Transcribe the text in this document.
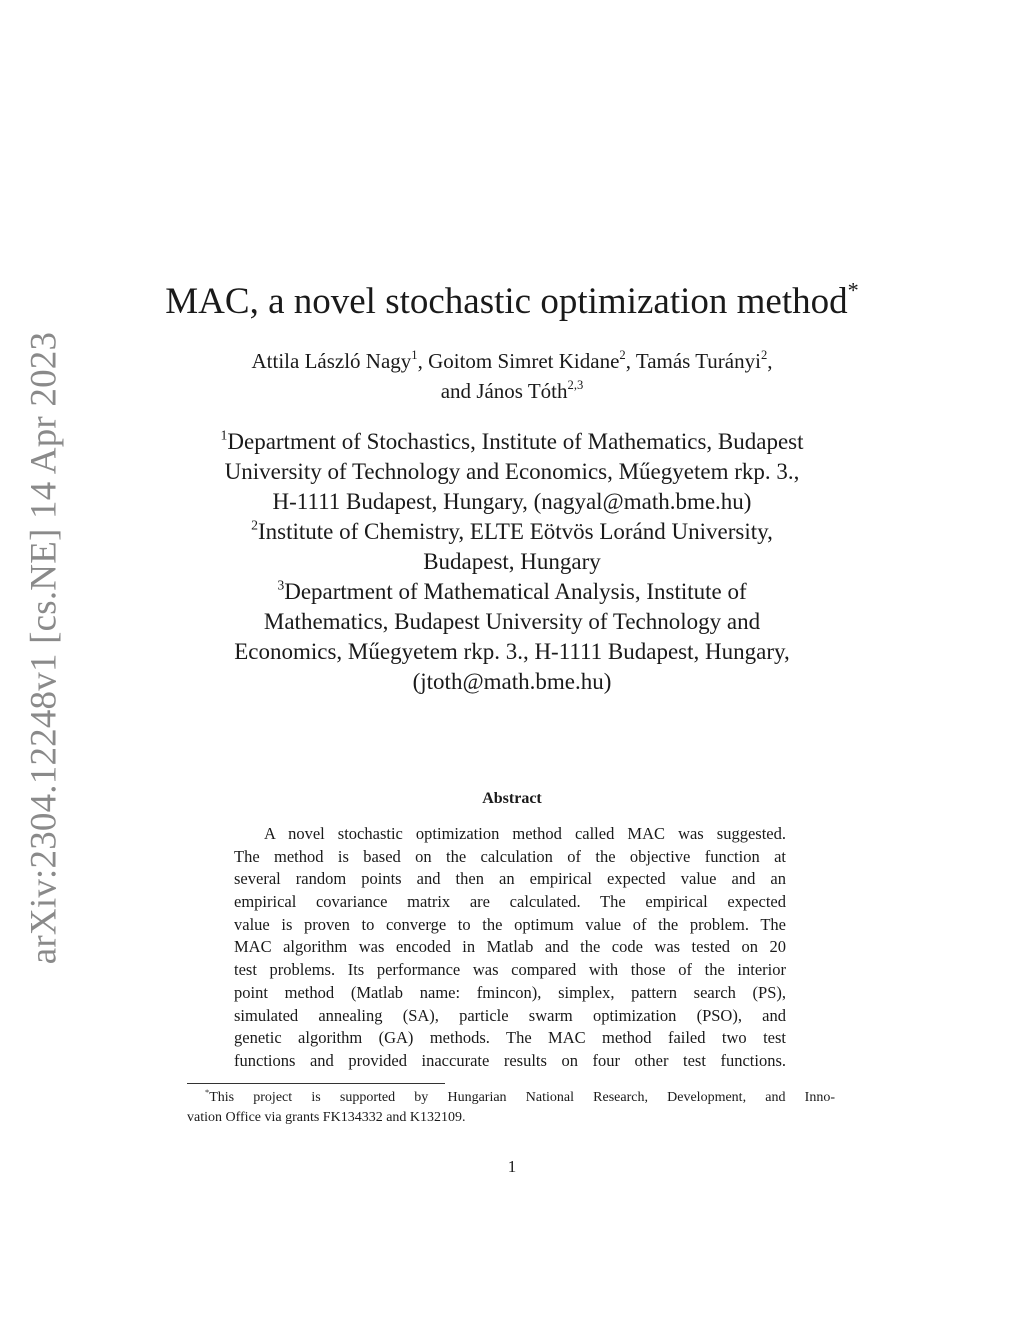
arXiv:2304.12248v1 [cs.NE] 14 Apr 2023
MAC, a novel stochastic optimization method*
Attila László Nagy$^1$, Goitom Simret Kidane$^2$, Tamás Turányi$^2$,
and János Tóth$^{2,3}$
$^1$Department of Stochastics, Institute of Mathematics, Budapest
University of Technology and Economics, Műegyetem rkp. 3.,
H-1111 Budapest, Hungary, (nagyal@math.bme.hu)
$^2$Institute of Chemistry, ELTE Eötvös Loránd University,
Budapest, Hungary
$^3$Department of Mathematical Analysis, Institute of
Mathematics, Budapest University of Technology and
Economics, Műegyetem rkp. 3., H-1111 Budapest, Hungary,
(jtoth@math.bme.hu)
Abstract
A novel stochastic optimization method called MAC was suggested.
The method is based on the calculation of the objective function at
several random points and then an empirical expected value and an
empirical covariance matrix are calculated. The empirical expected
value is proven to converge to the optimum value of the problem. The
MAC algorithm was encoded in Matlab and the code was tested on 20
test problems. Its performance was compared with those of the interior
point method (Matlab name: fmincon), simplex, pattern search (PS),
simulated annealing (SA), particle swarm optimization (PSO), and
genetic algorithm (GA) methods. The MAC method failed two test
functions and provided inaccurate results on four other test functions.
*This project is supported by Hungarian National Research, Development, and Inno-
vation Office via grants FK134332 and K132109.
1
